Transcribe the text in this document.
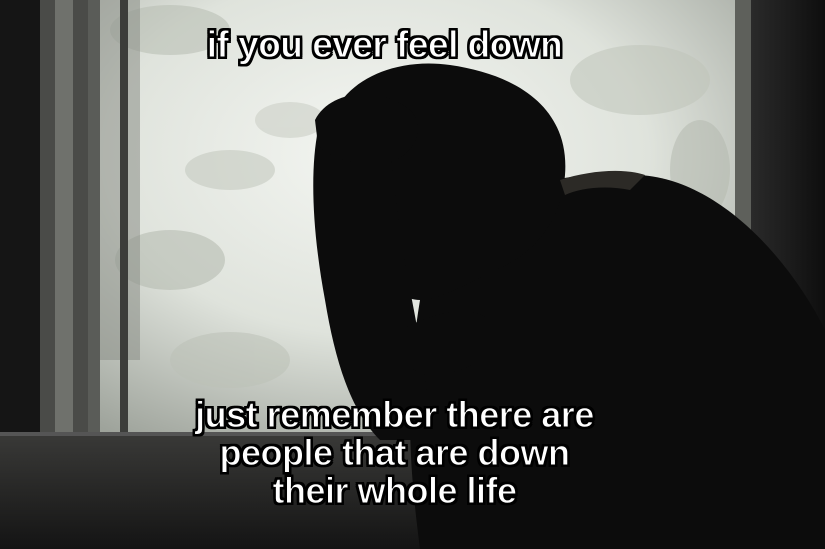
if you ever feel down
just remember there are
people that are down
their whole life
